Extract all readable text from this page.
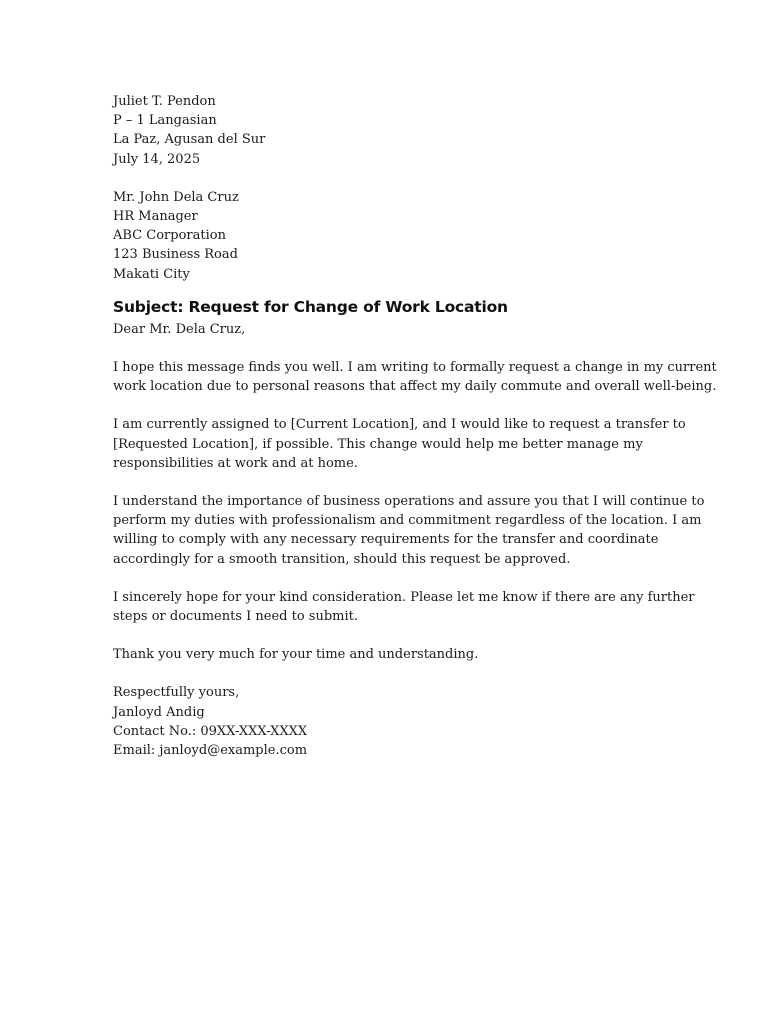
Juliet T. Pendon
P – 1 Langasian
La Paz, Agusan del Sur
July 14, 2025
Mr. John Dela Cruz
HR Manager
ABC Corporation
123 Business Road
Makati City
Subject: Request for Change of Work Location
Dear Mr. Dela Cruz,
I hope this message finds you well. I am writing to formally request a change in my current
work location due to personal reasons that affect my daily commute and overall well-being.
I am currently assigned to [Current Location], and I would like to request a transfer to
[Requested Location], if possible. This change would help me better manage my
responsibilities at work and at home.
I understand the importance of business operations and assure you that I will continue to
perform my duties with professionalism and commitment regardless of the location. I am
willing to comply with any necessary requirements for the transfer and coordinate
accordingly for a smooth transition, should this request be approved.
I sincerely hope for your kind consideration. Please let me know if there are any further
steps or documents I need to submit.
Thank you very much for your time and understanding.
Respectfully yours,
Janloyd Andig
Contact No.: 09XX-XXX-XXXX
Email: janloyd@example.com
